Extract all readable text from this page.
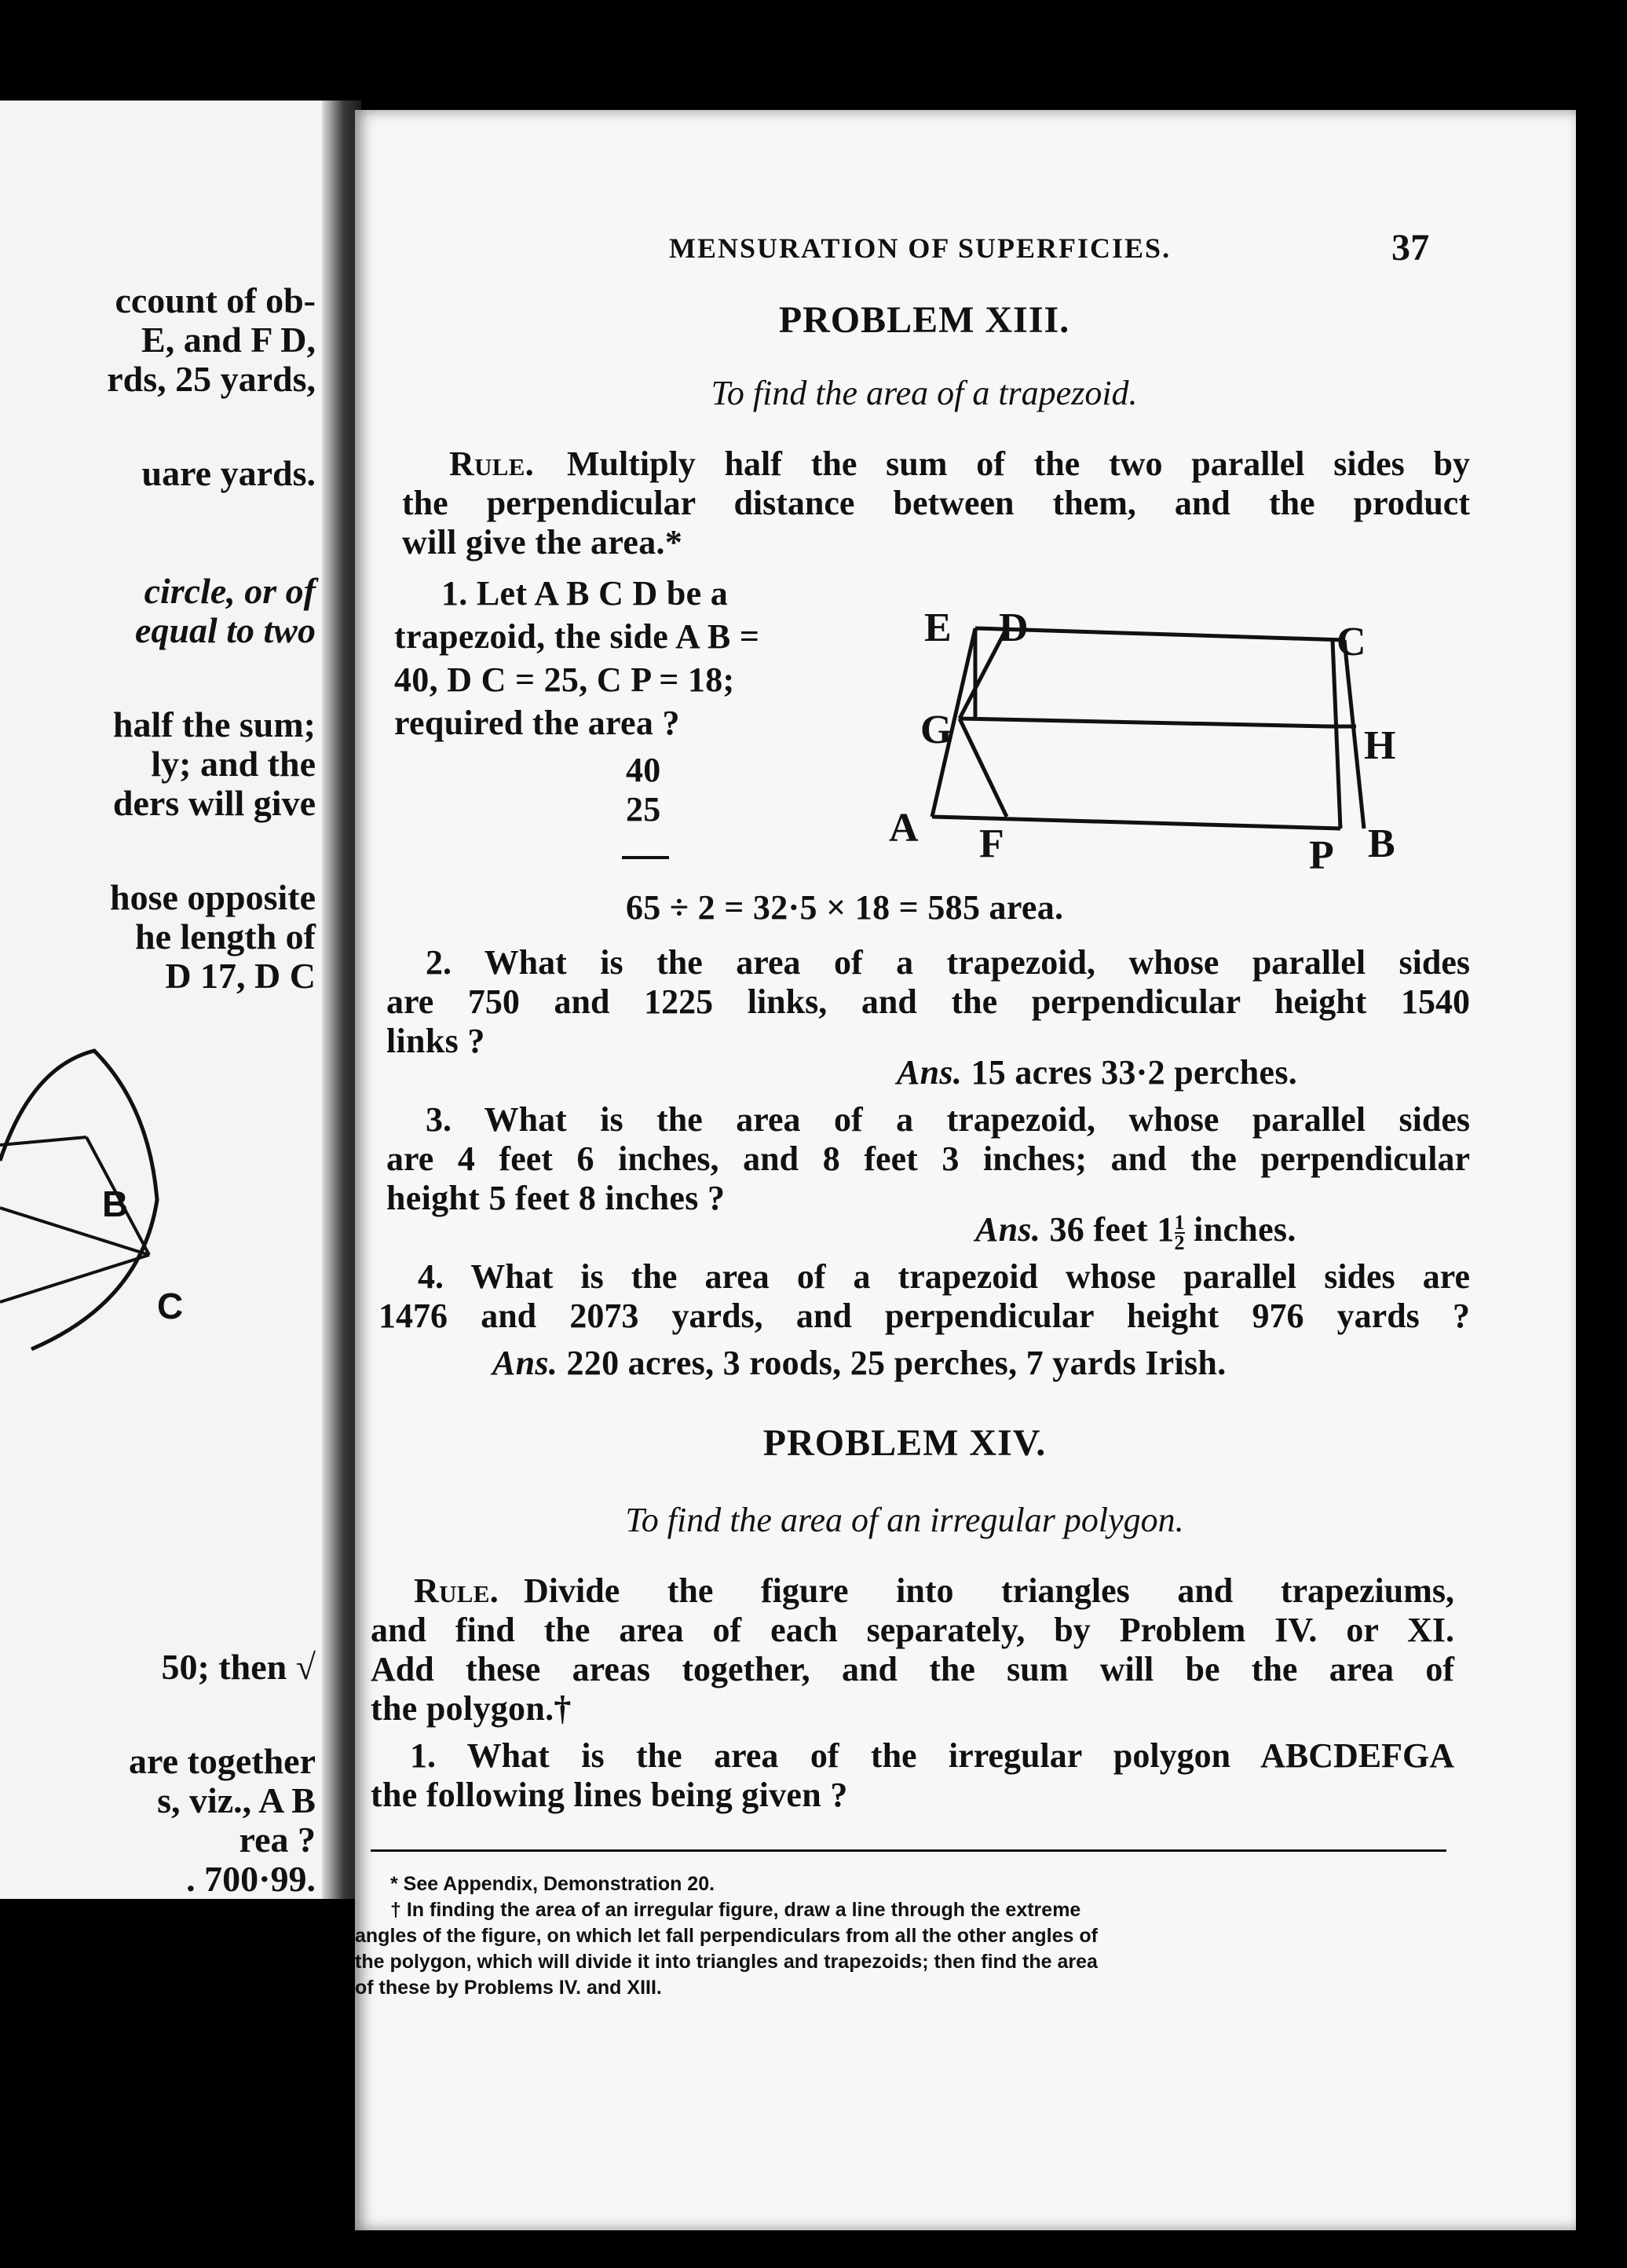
ccount of ob-
E, and F D,
rds, 25 yards,
uare yards.
circle, or of
equal to two
half the sum;
ly; and the
ders will give
hose opposite
he length of
D 17, D C
B
C
50; then √
are together
s, viz., A B
rea ?
. 700·99.
MENSURATION OF SUPERFICIES.	37
PROBLEM XIII.
To find the area of a trapezoid.
Rule. Multiply half the sum of the two parallel sides by
the perpendicular distance between them, and the product
will give the area.*
1. Let A B C D be a
trapezoid, the side A B =
40, D C = 25, C P = 18;
required the area ?
40
25
65 ÷ 2 = 32·5 × 18 = 585 area.
E D	C
G	H
A F	P B
2. What is the area of a trapezoid, whose parallel sides
are 750 and 1225 links, and the perpendicular height 1540
links ?
Ans. 15 acres 33·2 perches.
3. What is the area of a trapezoid, whose parallel sides
are 4 feet 6 inches, and 8 feet 3 inches; and the perpendicular
height 5 feet 8 inches ?
Ans. 36 feet $1 \frac{1}{2}$ inches.
4. What is the area of a trapezoid whose parallel sides are
1476 and 2073 yards, and perpendicular height 976 yards ?
Ans. 220 acres, 3 roods, 25 perches, 7 yards Irish.
PROBLEM XIV.
To find the area of an irregular polygon.
Rule. Divide the figure into triangles and trapeziums,
and find the area of each separately, by Problem IV. or XI.
Add these areas together, and the sum will be the area of
the polygon.†
1. What is the area of the irregular polygon ABCDEFGA
the following lines being given ?
* See Appendix, Demonstration 20.
† In finding the area of an irregular figure, draw a line through the extreme
angles of the figure, on which let fall perpendiculars from all the other angles of
the polygon, which will divide it into triangles and trapezoids; then find the area
of these by Problems IV. and XIII.
